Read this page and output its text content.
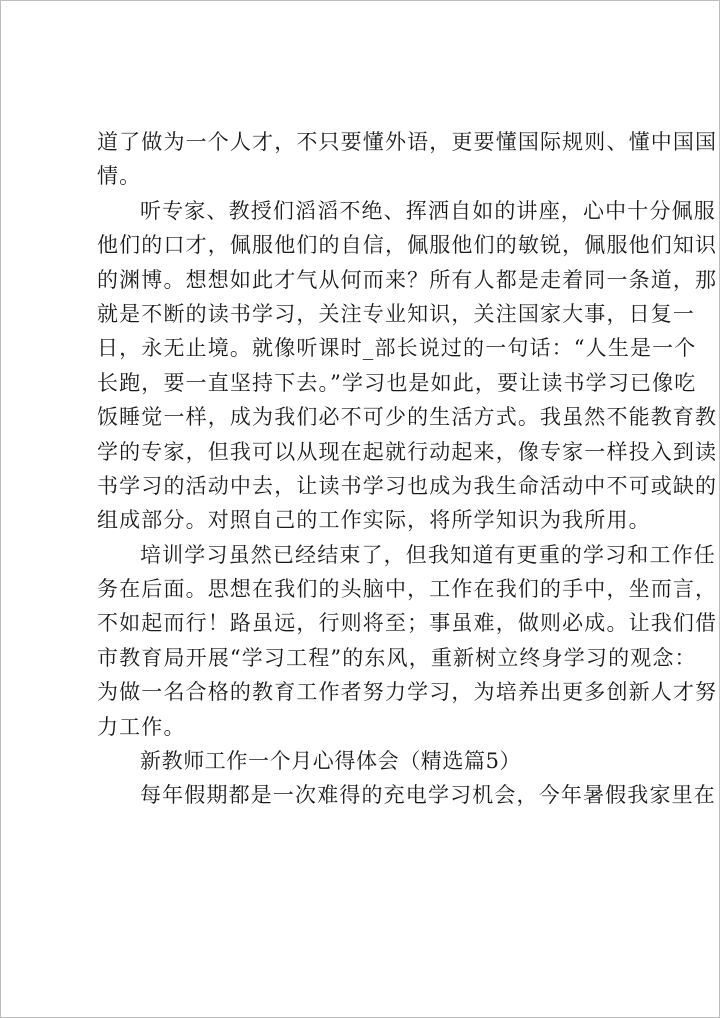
道了做为一个人才，不只要懂外语，更要懂国际规则、懂中国国
情。
听专家、教授们滔滔不绝、挥洒自如的讲座，心中十分佩服
他们的口才，佩服他们的自信，佩服他们的敏锐，佩服他们知识
的渊博。想想如此才气从何而来？所有人都是走着同一条道，那
就是不断的读书学习，关注专业知识，关注国家大事，日复一
日，永无止境。就像听课时_部长说过的一句话：“人生是一个
长跑，要一直坚持下去。”学习也是如此，要让读书学习已像吃
饭睡觉一样，成为我们必不可少的生活方式。我虽然不能教育教
学的专家，但我可以从现在起就行动起来，像专家一样投入到读
书学习的活动中去，让读书学习也成为我生命活动中不可或缺的
组成部分。对照自己的工作实际，将所学知识为我所用。
培训学习虽然已经结束了，但我知道有更重的学习和工作任
务在后面。思想在我们的头脑中，工作在我们的手中，坐而言，
不如起而行！路虽远，行则将至；事虽难，做则必成。让我们借
市教育局开展“学习工程”的东风，重新树立终身学习的观念：
为做一名合格的教育工作者努力学习，为培养出更多创新人才努
力工作。
新教师工作一个月心得体会（精选篇5）
每年假期都是一次难得的充电学习机会，今年暑假我家里在
